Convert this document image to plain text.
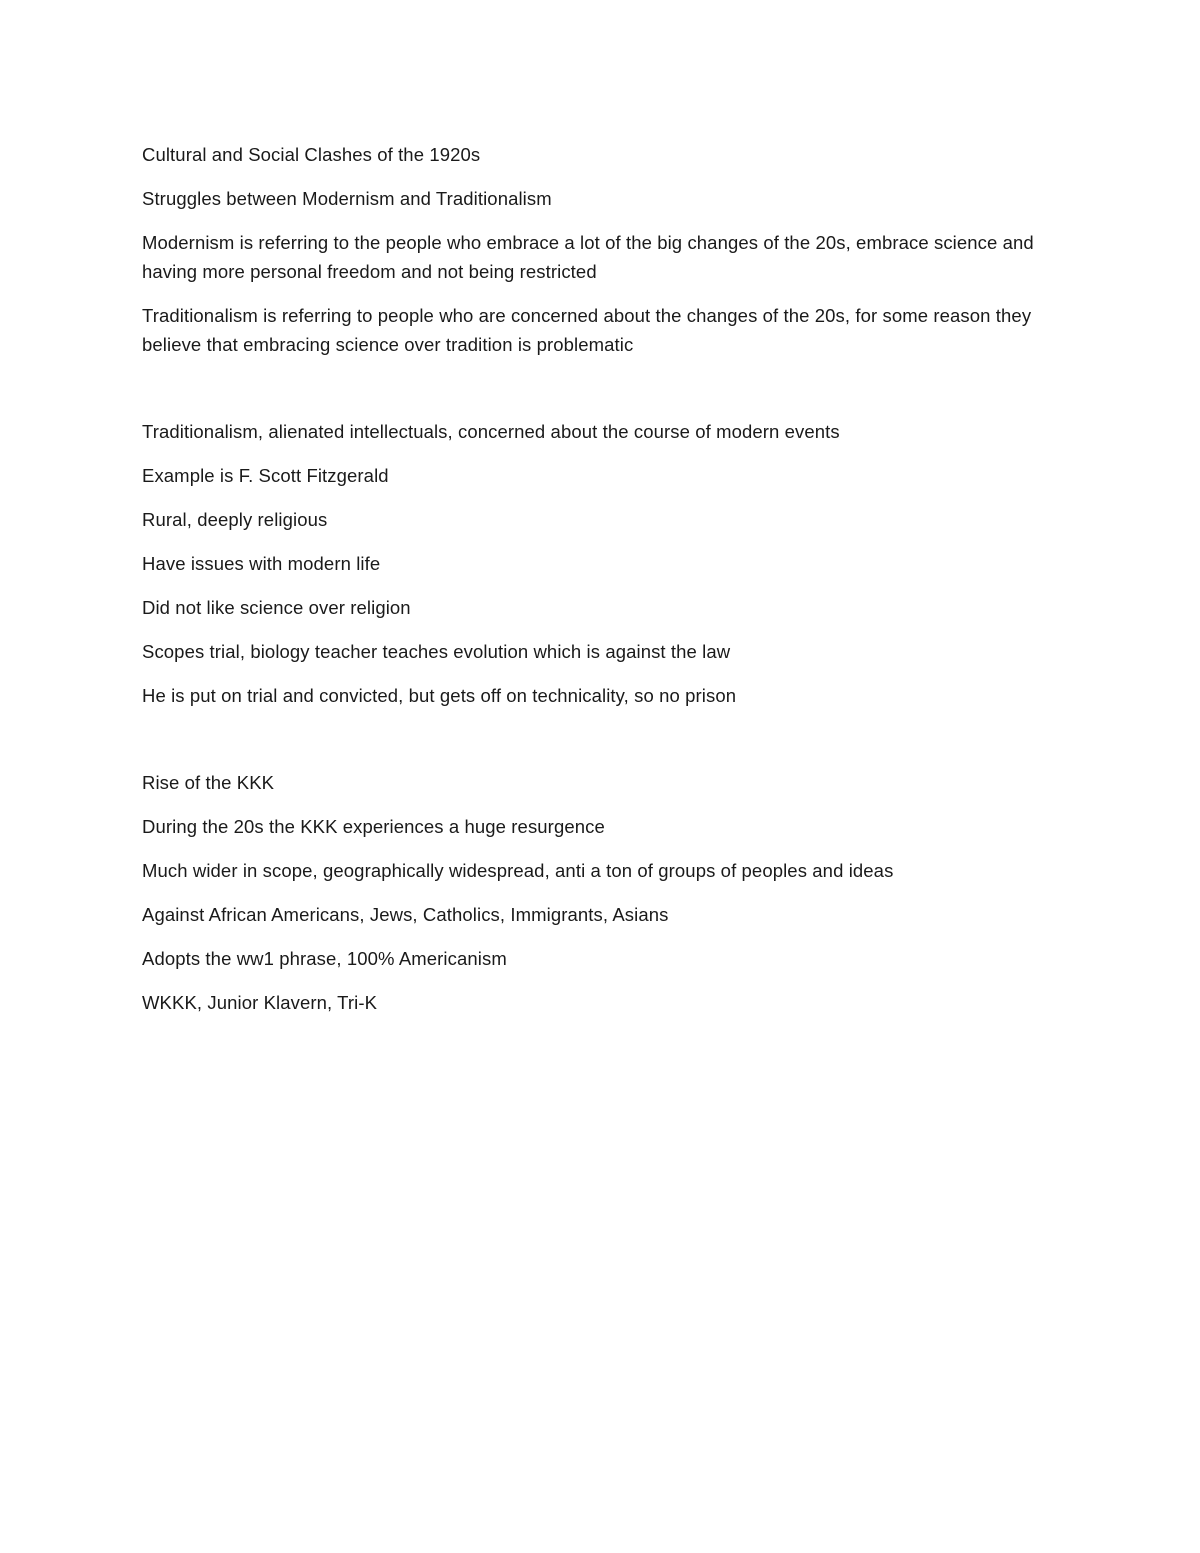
Cultural and Social Clashes of the 1920s

Struggles between Modernism and Traditionalism

Modernism is referring to the people who embrace a lot of the big changes of the 20s, embrace science and having more personal freedom and not being restricted

Traditionalism is referring to people who are concerned about the changes of the 20s, for some reason they believe that embracing science over tradition is problematic

Traditionalism, alienated intellectuals, concerned about the course of modern events

Example is F. Scott Fitzgerald

Rural, deeply religious

Have issues with modern life

Did not like science over religion

Scopes trial, biology teacher teaches evolution which is against the law

He is put on trial and convicted, but gets off on technicality, so no prison

Rise of the KKK

During the 20s the KKK experiences a huge resurgence

Much wider in scope, geographically widespread, anti a ton of groups of peoples and ideas

Against African Americans, Jews, Catholics, Immigrants, Asians

Adopts the ww1 phrase, 100% Americanism

WKKK, Junior Klavern, Tri-K
